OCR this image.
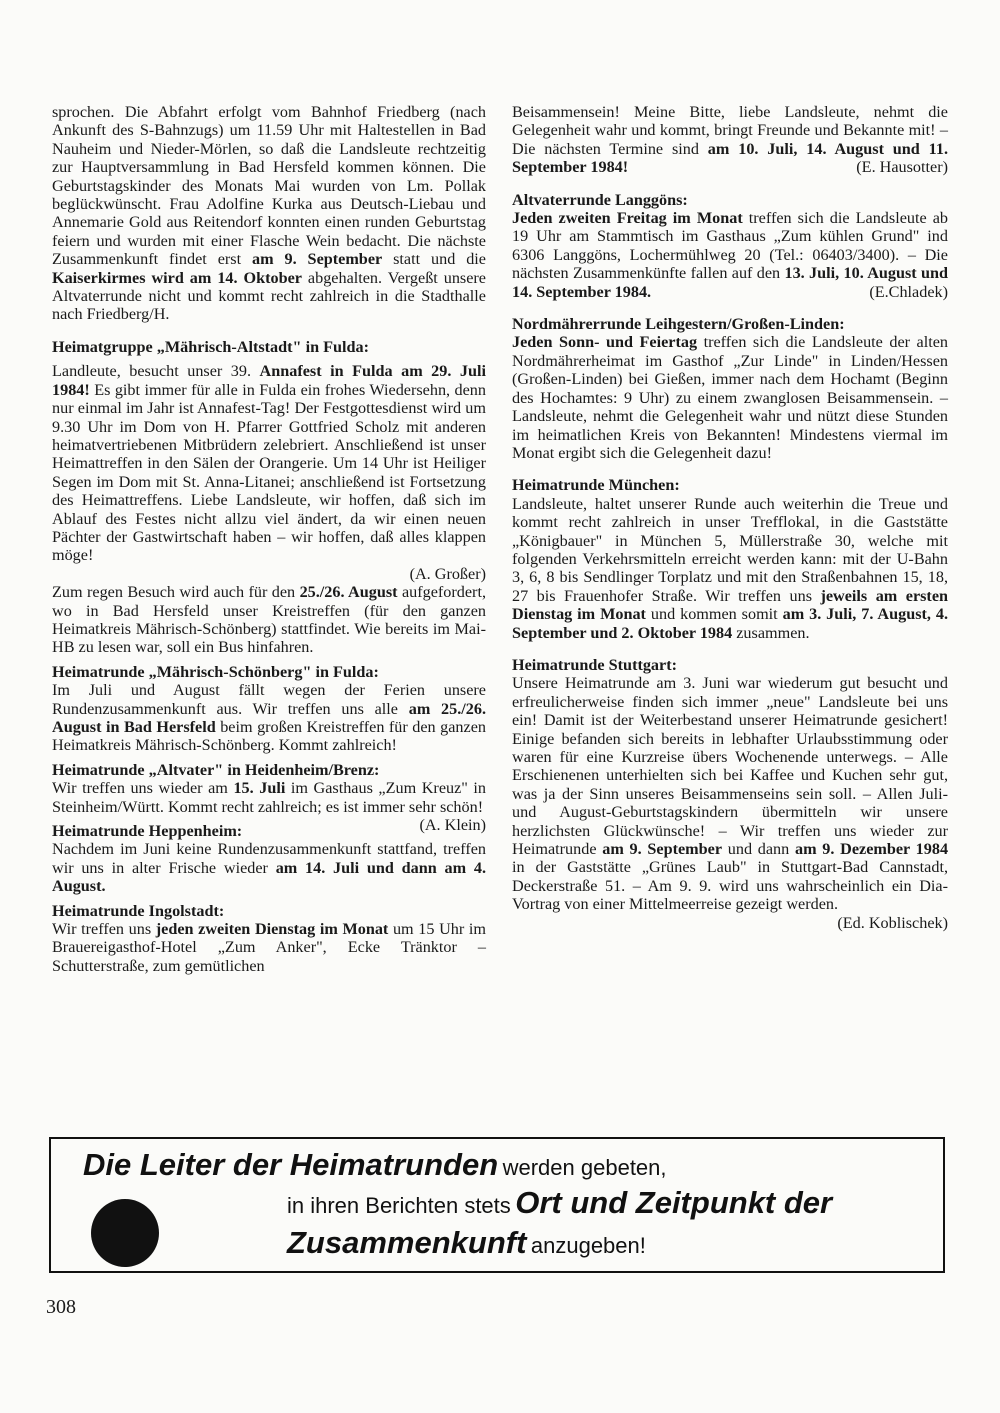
sprochen. Die Abfahrt erfolgt vom Bahnhof Friedberg (nach Ankunft des S-Bahnzugs) um 11.59 Uhr mit Haltestellen in Bad Nauheim und Nieder-Mörlen, so daß die Landsleute rechtzeitig zur Hauptversammlung in Bad Hersfeld kommen können. Die Geburtstagskinder des Monats Mai wurden von Lm. Pollak beglückwünscht. Frau Adolfine Kurka aus Deutsch-Liebau und Annemarie Gold aus Reitendorf konnten einen runden Geburtstag feiern und wurden mit einer Flasche Wein bedacht. Die nächste Zusammenkunft findet erst am 9. September statt und die Kaiserkirmes wird am 14. Oktober abgehalten. Vergeßt unsere Altvaterrunde nicht und kommt recht zahlreich in die Stadthalle nach Friedberg/H.

Heimatgruppe „Mährisch-Altstadt" in Fulda:

Landleute, besucht unser 39. Annafest in Fulda am 29. Juli 1984! Es gibt immer für alle in Fulda ein frohes Wiedersehn, denn nur einmal im Jahr ist Annafest-Tag! Der Festgottesdienst wird um 9.30 Uhr im Dom von H. Pfarrer Gottfried Scholz mit anderen heimatvertriebenen Mitbrüdern zelebriert. Anschließend ist unser Heimattreffen in den Sälen der Orangerie. Um 14 Uhr ist Heiliger Segen im Dom mit St. Anna-Litanei; anschließend ist Fortsetzung des Heimattreffens. Liebe Landsleute, wir hoffen, daß sich im Ablauf des Festes nicht allzu viel ändert, da wir einen neuen Pächter der Gastwirtschaft haben – wir hoffen, daß alles klappen möge!
(A. Großer)

Zum regen Besuch wird auch für den 25./26. August aufgefordert, wo in Bad Hersfeld unser Kreistreffen (für den ganzen Heimatkreis Mährisch-Schönberg) stattfindet. Wie bereits im Mai-HB zu lesen war, soll ein Bus hinfahren.

Heimatrunde „Mährisch-Schönberg" in Fulda:

Im Juli und August fällt wegen der Ferien unsere Rundenzusammenkunft aus. Wir treffen uns alle am 25./26. August in Bad Hersfeld beim großen Kreistreffen für den ganzen Heimatkreis Mährisch-Schönberg. Kommt zahlreich!

Heimatrunde „Altvater" in Heidenheim/Brenz:

Wir treffen uns wieder am 15. Juli im Gasthaus „Zum Kreuz" in Steinheim/Württ. Kommt recht zahlreich; es ist immer sehr schön!
(A. Klein)

Heimatrunde Heppenheim:

Nachdem im Juni keine Rundenzusammenkunft stattfand, treffen wir uns in alter Frische wieder am 14. Juli und dann am 4. August.

Heimatrunde Ingolstadt:

Wir treffen uns jeden zweiten Dienstag im Monat um 15 Uhr im Brauereigasthof-Hotel „Zum Anker", Ecke Tränktor – Schutterstraße, zum gemütlichen

Beisammensein! Meine Bitte, liebe Landsleute, nehmt die Gelegenheit wahr und kommt, bringt Freunde und Bekannte mit! – Die nächsten Termine sind am 10. Juli, 14. August und 11. September 1984!	(E. Hausotter)

Altvaterrunde Langgöns:

Jeden zweiten Freitag im Monat treffen sich die Landsleute ab 19 Uhr am Stammtisch im Gasthaus „Zum kühlen Grund" ind 6306 Langgöns, Lochermühlweg 20 (Tel.: 06403/3400). – Die nächsten Zusammenkünfte fallen auf den 13. Juli, 10. August und 14. September 1984.	(E.Chladek)

Nordmährerrunde Leihgestern/Großen-Linden:

Jeden Sonn- und Feiertag treffen sich die Landsleute der alten Nordmährerheimat im Gasthof „Zur Linde" in Linden/Hessen (Großen-Linden) bei Gießen, immer nach dem Hochamt (Beginn des Hochamtes: 9 Uhr) zu einem zwanglosen Beisammensein. – Landsleute, nehmt die Gelegenheit wahr und nützt diese Stunden im heimatlichen Kreis von Bekannten! Mindestens viermal im Monat ergibt sich die Gelegenheit dazu!

Heimatrunde München:

Landsleute, haltet unserer Runde auch weiterhin die Treue und kommt recht zahlreich in unser Trefflokal, in die Gaststätte „Königbauer" in München 5, Müllerstraße 30, welche mit folgenden Verkehrsmitteln erreicht werden kann: mit der U-Bahn 3, 6, 8 bis Sendlinger Torplatz und mit den Straßenbahnen 15, 18, 27 bis Frauenhofer Straße. Wir treffen uns jeweils am ersten Dienstag im Monat und kommen somit am 3. Juli, 7. August, 4. September und 2. Oktober 1984 zusammen.

Heimatrunde Stuttgart:

Unsere Heimatrunde am 3. Juni war wiederum gut besucht und erfreulicherweise finden sich immer „neue" Landsleute bei uns ein! Damit ist der Weiterbestand unserer Heimatrunde gesichert! Einige befanden sich bereits in lebhafter Urlaubsstimmung oder waren für eine Kurzreise übers Wochenende unterwegs. – Alle Erschienenen unterhielten sich bei Kaffee und Kuchen sehr gut, was ja der Sinn unseres Beisammenseins sein soll. – Allen Juli- und August-Geburtstagskindern übermitteln wir unsere herzlichsten Glückwünsche! – Wir treffen uns wieder zur Heimatrunde am 9. September und dann am 9. Dezember 1984 in der Gaststätte „Grünes Laub" in Stuttgart-Bad Cannstadt, Deckerstraße 51. – Am 9. 9. wird uns wahrscheinlich ein Dia-Vortrag von einer Mittelmeerreise gezeigt werden.
(Ed. Koblischek)

Die Leiter der Heimatrunden werden gebeten,
in ihren Berichten stets Ort und Zeitpunkt der
Zusammenkunft anzugeben!
308
